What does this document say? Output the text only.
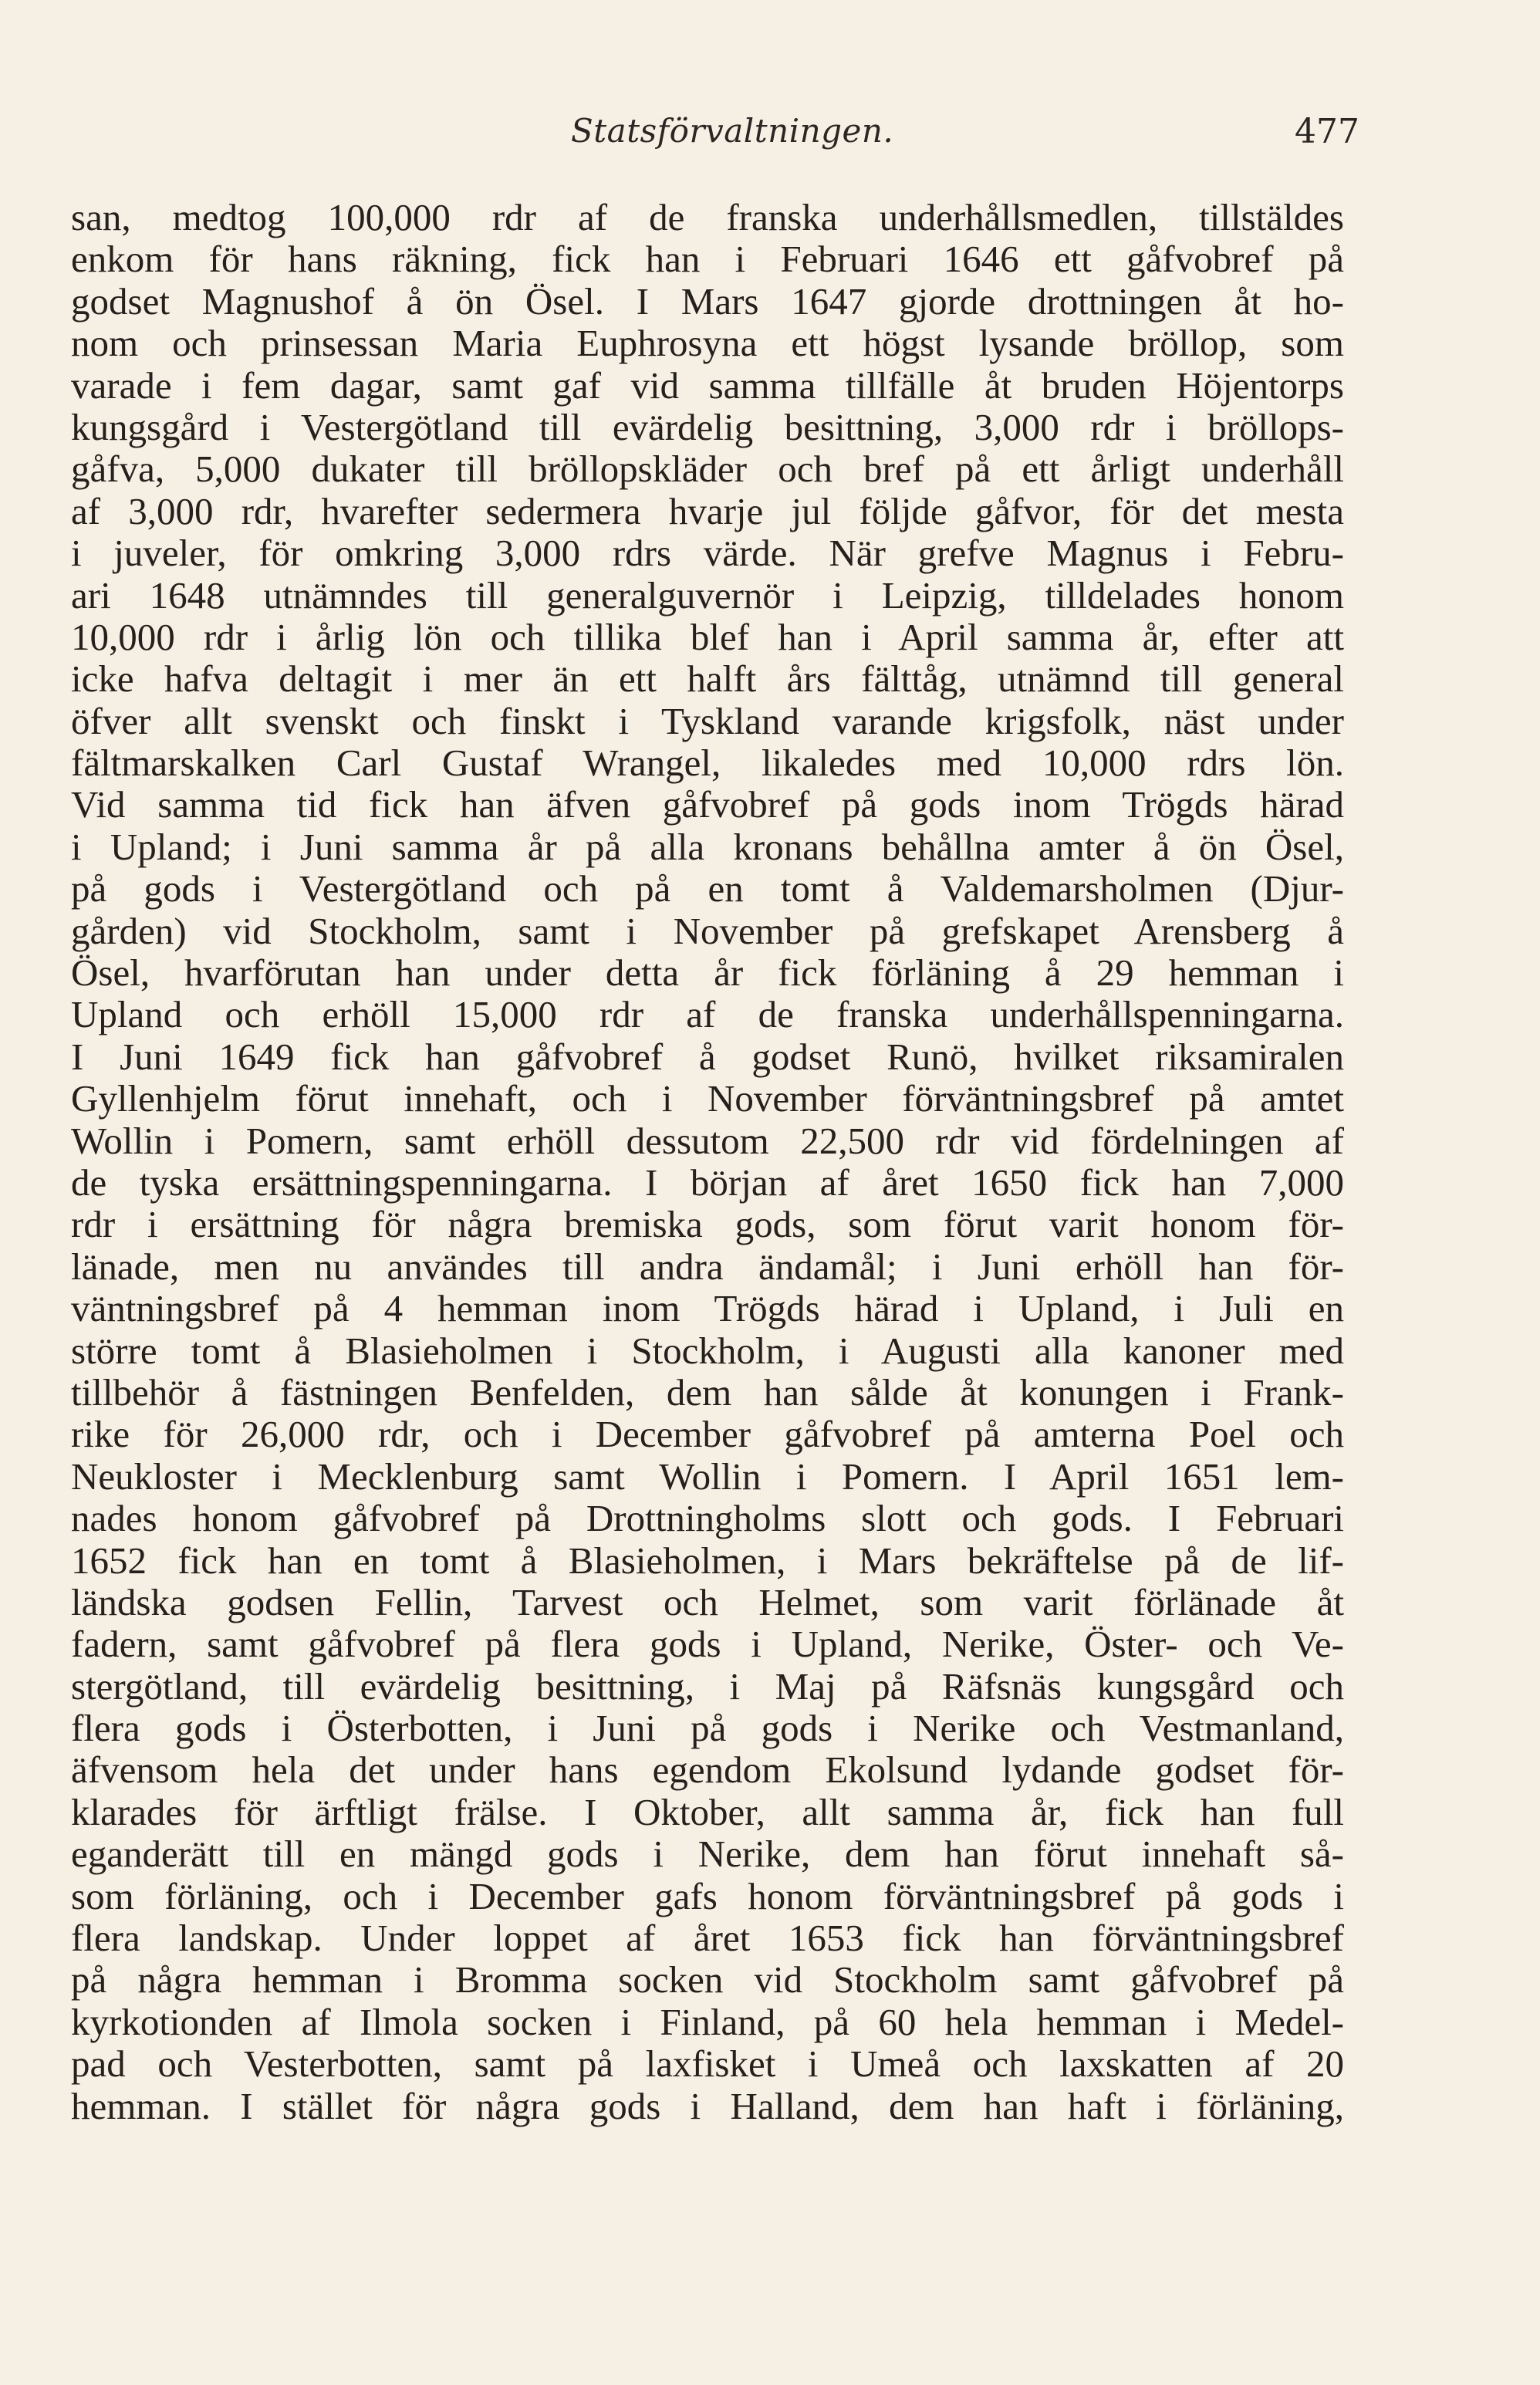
Statsförvaltningen.	477
san, medtog 100,000 rdr af de franska underhållsmedlen, tillstäldes
enkom för hans räkning, fick han i Februari 1646 ett gåfvobref på
godset Magnushof å ön Ösel. I Mars 1647 gjorde drottningen åt ho-
nom och prinsessan Maria Euphrosyna ett högst lysande bröllop, som
varade i fem dagar, samt gaf vid samma tillfälle åt bruden Höjentorps
kungsgård i Vestergötland till evärdelig besittning, 3,000 rdr i bröllops-
gåfva, 5,000 dukater till bröllopskläder och bref på ett årligt underhåll
af 3,000 rdr, hvarefter sedermera hvarje jul följde gåfvor, för det mesta
i juveler, för omkring 3,000 rdrs värde. När grefve Magnus i Febru-
ari 1648 utnämndes till generalguvernör i Leipzig, tilldelades honom
10,000 rdr i årlig lön och tillika blef han i April samma år, efter att
icke hafva deltagit i mer än ett halft års fälttåg, utnämnd till general
öfver allt svenskt och finskt i Tyskland varande krigsfolk, näst under
fältmarskalken Carl Gustaf Wrangel, likaledes med 10,000 rdrs lön.
Vid samma tid fick han äfven gåfvobref på gods inom Trögds härad
i Upland; i Juni samma år på alla kronans behållna amter å ön Ösel,
på gods i Vestergötland och på en tomt å Valdemarsholmen (Djur-
gården) vid Stockholm, samt i November på grefskapet Arensberg å
Ösel, hvarförutan han under detta år fick förläning å 29 hemman i
Upland och erhöll 15,000 rdr af de franska underhållspenningarna.
I Juni 1649 fick han gåfvobref å godset Runö, hvilket riksamiralen
Gyllenhjelm förut innehaft, och i November förväntningsbref på amtet
Wollin i Pomern, samt erhöll dessutom 22,500 rdr vid fördelningen af
de tyska ersättningspenningarna. I början af året 1650 fick han 7,000
rdr i ersättning för några bremiska gods, som förut varit honom för-
länade, men nu användes till andra ändamål; i Juni erhöll han för-
väntningsbref på 4 hemman inom Trögds härad i Upland, i Juli en
större tomt å Blasieholmen i Stockholm, i Augusti alla kanoner med
tillbehör å fästningen Benfelden, dem han sålde åt konungen i Frank-
rike för 26,000 rdr, och i December gåfvobref på amterna Poel och
Neukloster i Mecklenburg samt Wollin i Pomern. I April 1651 lem-
nades honom gåfvobref på Drottningholms slott och gods. I Februari
1652 fick han en tomt å Blasieholmen, i Mars bekräftelse på de lif-
ländska godsen Fellin, Tarvest och Helmet, som varit förlänade åt
fadern, samt gåfvobref på flera gods i Upland, Nerike, Öster- och Ve-
stergötland, till evärdelig besittning, i Maj på Räfsnäs kungsgård och
flera gods i Österbotten, i Juni på gods i Nerike och Vestmanland,
äfvensom hela det under hans egendom Ekolsund lydande godset för-
klarades för ärftligt frälse. I Oktober, allt samma år, fick han full
eganderätt till en mängd gods i Nerike, dem han förut innehaft så-
som förläning, och i December gafs honom förväntningsbref på gods i
flera landskap. Under loppet af året 1653 fick han förväntningsbref
på några hemman i Bromma socken vid Stockholm samt gåfvobref på
kyrkotionden af Ilmola socken i Finland, på 60 hela hemman i Medel-
pad och Vesterbotten, samt på laxfisket i Umeå och laxskatten af 20
hemman. I stället för några gods i Halland, dem han haft i förläning,
